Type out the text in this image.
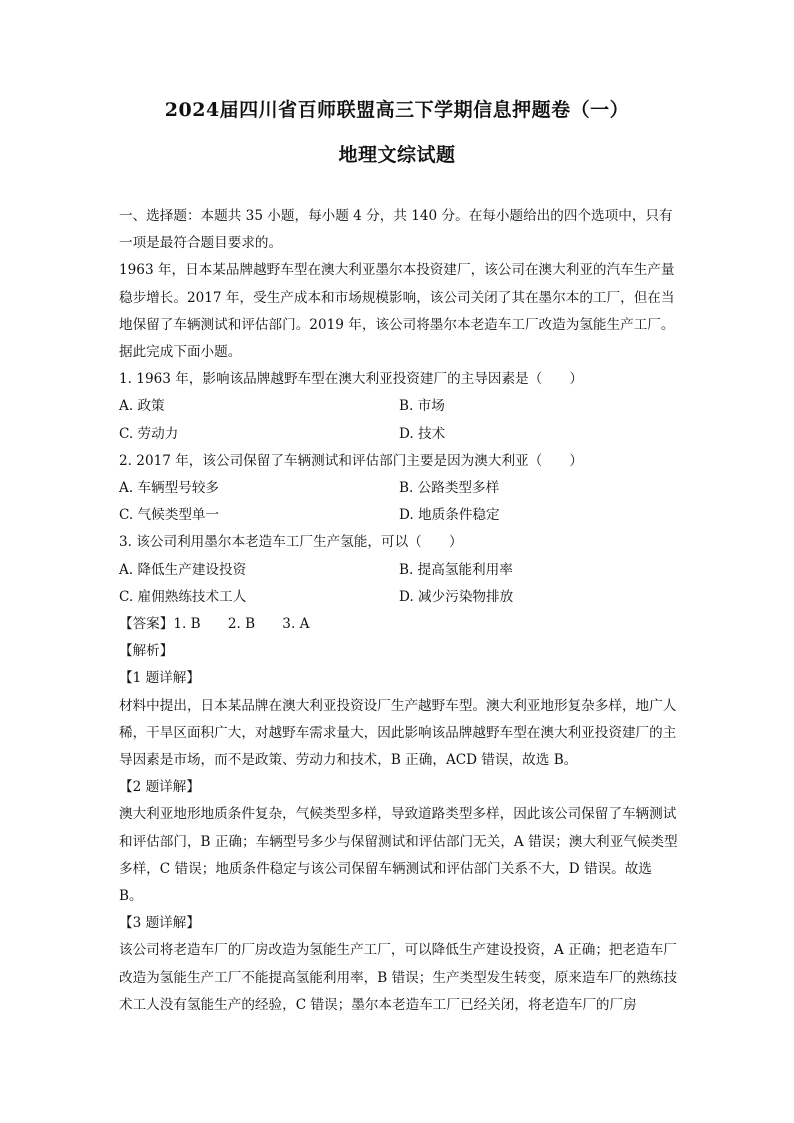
2024届四川省百师联盟高三下学期信息押题卷（一）
地理文综试题

一、选择题：本题共 35 小题，每小题 4 分，共 140 分。在每小题给出的四个选项中，只有一项是最符合题目要求的。

1963 年，日本某品牌越野车型在澳大利亚墨尔本投资建厂，该公司在澳大利亚的汽车生产量稳步增长。2017 年，受生产成本和市场规模影响，该公司关闭了其在墨尔本的工厂，但在当地保留了车辆测试和评估部门。2019 年，该公司将墨尔本老造车工厂改造为氢能生产工厂。据此完成下面小题。

1. 1963 年，影响该品牌越野车型在澳大利亚投资建厂的主导因素是（　　）

A. 政策	B. 市场
C. 劳动力	D. 技术

2. 2017 年，该公司保留了车辆测试和评估部门主要是因为澳大利亚（　　）

A. 车辆型号较多	B. 公路类型多样
C. 气候类型单一	D. 地质条件稳定

3. 该公司利用墨尔本老造车工厂生产氢能，可以（　　）

A. 降低生产建设投资	B. 提高氢能利用率
C. 雇佣熟练技术工人	D. 减少污染物排放

【答案】1. B　　2. B　　3. A

【解析】

【1 题详解】

材料中提出，日本某品牌在澳大利亚投资设厂生产越野车型。澳大利亚地形复杂多样，地广人稀，干旱区面积广大，对越野车需求量大，因此影响该品牌越野车型在澳大利亚投资建厂的主导因素是市场，而不是政策、劳动力和技术，B 正确，ACD 错误，故选 B。

【2 题详解】

澳大利亚地形地质条件复杂，气候类型多样，导致道路类型多样，因此该公司保留了车辆测试和评估部门，B 正确；车辆型号多少与保留测试和评估部门无关，A 错误；澳大利亚气候类型多样，C 错误；地质条件稳定与该公司保留车辆测试和评估部门关系不大，D 错误。故选 B。

【3 题详解】

该公司将老造车厂的厂房改造为氢能生产工厂，可以降低生产建设投资，A 正确；把老造车厂改造为氢能生产工厂不能提高氢能利用率，B 错误；生产类型发生转变，原来造车厂的熟练技术工人没有氢能生产的经验，C 错误；墨尔本老造车工厂已经关闭，将老造车厂的厂房
